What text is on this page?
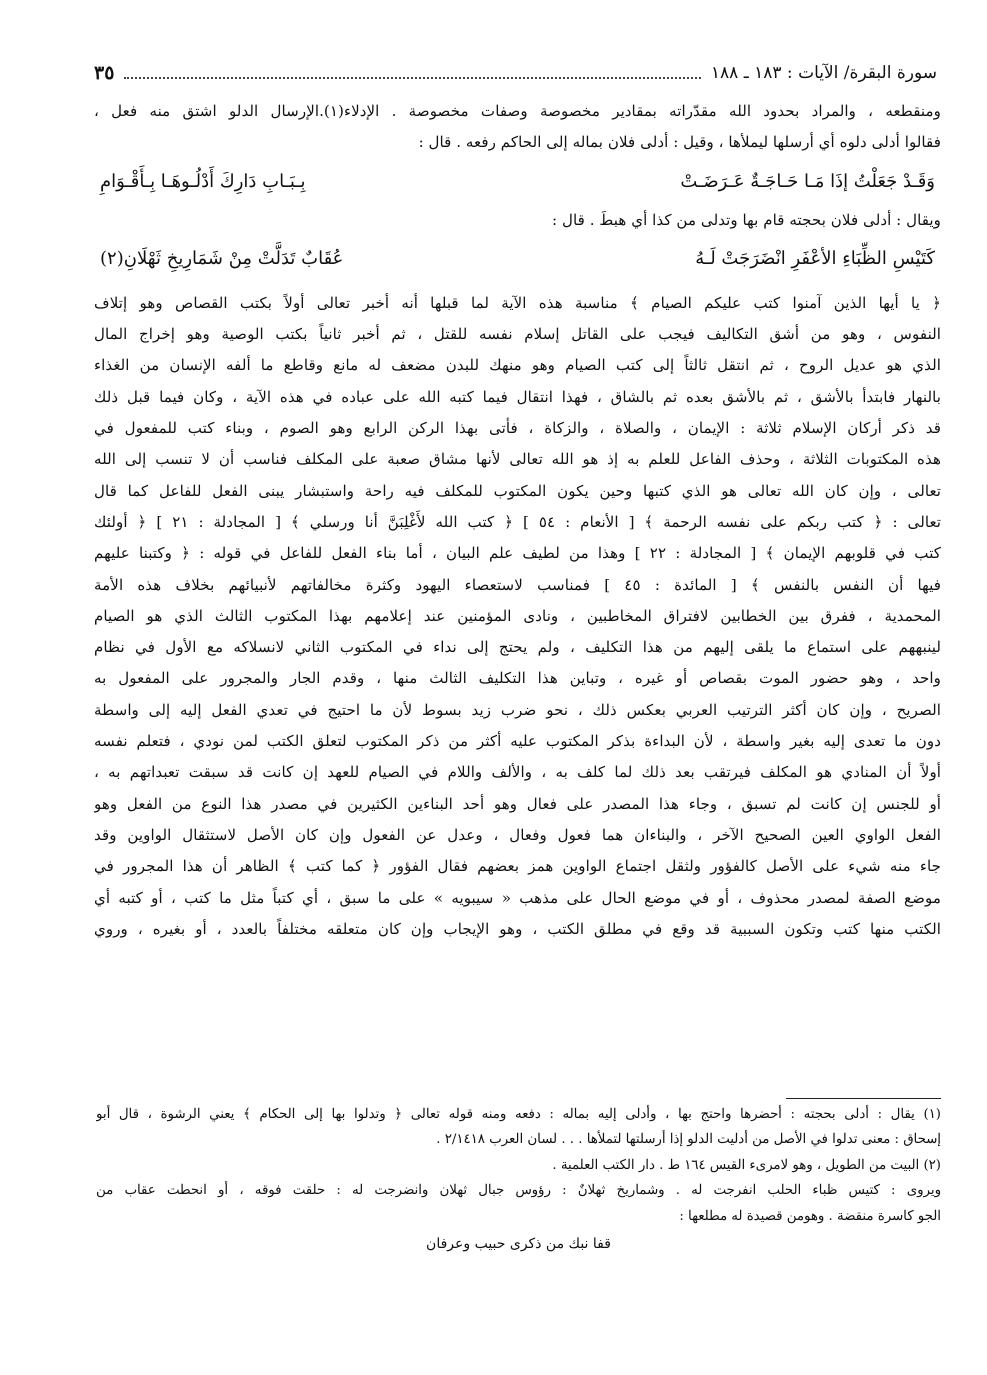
سورة البقرة/ الآيات : ١٨٣ ـ ١٨٨
٣٥
ومنقطعه ، والمراد بحدود الله مقدّراته بمقادير مخصوصة وصفات مخصوصة . الإدلاء(١).الإرسال الدلو اشتق منه فعل ،
فقالوا أدلى دلوه أي أرسلها ليملأها ، وقيل : أدلى فلان بماله إلى الحاكم رفعه . قال :
وَقَـدْ جَعَلْتُ إذَا مَـا حَـاجَـةٌ عَـرَضَـتْ
بِـبَـابِ دَارِكَ أَدْلُـوهَـا بِـأَقْـوَامِ
ويقال : أدلى فلان بحجته قام بها وتدلى من كذا أي هبطَ . قال :
كَتَيْسِ الظِّبَاءِ الأعْفَرِ انْضَرَجَتْ لَـهُ
عُقَابٌ تَدَلَّتْ مِنْ شَمَارِيخِ ثَهْلَانِ(٢)
﴿ يا أيها الذين آمنوا كتب عليكم الصيام ﴾ مناسبة هذه الآية لما قبلها أنه أخبر تعالى أولاً بكتب القصاص وهو إتلاف
النفوس ، وهو من أشق التكاليف فيجب على القاتل إسلام نفسه للقتل ، ثم أخبر ثانياً بكتب الوصية وهو إخراج المال
الذي هو عديل الروح ، ثم انتقل ثالثاً إلى كتب الصيام وهو منهك للبدن مضعف له مانع وقاطع ما ألفه الإنسان من الغذاء
بالنهار فابتدأ بالأشق ، ثم بالأشق بعده ثم بالشاق ، فهذا انتقال فيما كتبه الله على عباده في هذه الآية ، وكان فيما قبل ذلك
قد ذكر أركان الإسلام ثلاثة : الإيمان ، والصلاة ، والزكاة ، فأتى بهذا الركن الرابع وهو الصوم ، وبناء كتب للمفعول في
هذه المكتوبات الثلاثة ، وحذف الفاعل للعلم به إذ هو الله تعالى لأنها مشاق صعبة على المكلف فناسب أن لا تنسب إلى الله
تعالى ، وإن كان الله تعالى هو الذي كتبها وحين يكون المكتوب للمكلف فيه راحة واستبشار يبنى الفعل للفاعل كما قال
تعالى : ﴿ كتب ربكم على نفسه الرحمة ﴾ [ الأنعام : ٥٤ ] ﴿ كتب الله لأَغْلِبَنَّ أنا ورسلي ﴾ [ المجادلة : ٢١ ] ﴿ أولئك
كتب في قلوبهم الإيمان ﴾ [ المجادلة : ٢٢ ] وهذا من لطيف علم البيان ، أما بناء الفعل للفاعل في قوله : ﴿ وكتبنا عليهم
فيها أن النفس بالنفس ﴾ [ المائدة : ٤٥ ] فمناسب لاستعصاء اليهود وكثرة مخالفاتهم لأنبيائهم بخلاف هذه الأمة
المحمدية ، ففرق بين الخطابين لافتراق المخاطبين ، ونادى المؤمنين عند إعلامهم بهذا المكتوب الثالث الذي هو الصيام
لينبههم على استماع ما يلقى إليهم من هذا التكليف ، ولم يحتج إلى نداء في المكتوب الثاني لانسلاكه مع الأول في نظام
واحد ، وهو حضور الموت بقصاص أو غيره ، وتباين هذا التكليف الثالث منها ، وقدم الجار والمجرور على المفعول به
الصريح ، وإن كان أكثر الترتيب العربي بعكس ذلك ، نحو ضرب زيد بسوط لأن ما احتيج في تعدي الفعل إليه إلى واسطة
دون ما تعدى إليه بغير واسطة ، لأن البداءة بذكر المكتوب عليه أكثر من ذكر المكتوب لتعلق الكتب لمن نودي ، فتعلم نفسه
أولاً أن المنادي هو المكلف فيرتقب بعد ذلك لما كلف به ، والألف واللام في الصيام للعهد إن كانت قد سبقت تعبداتهم به ،
أو للجنس إن كانت لم تسبق ، وجاء هذا المصدر على فعال وهو أحد البناءين الكثيرين في مصدر هذا النوع من الفعل وهو
الفعل الواوي العين الصحيح الآخر ، والبناءان هما فعول وفعال ، وعدل عن الفعول وإن كان الأصل لاستثقال الواوين وقد
جاء منه شيء على الأصل كالفؤور ولثقل اجتماع الواوين همز بعضهم فقال الفؤور ﴿ كما كتب ﴾ الظاهر أن هذا المجرور في
موضع الصفة لمصدر محذوف ، أو في موضع الحال على مذهب « سيبويه » على ما سبق ، أي كتباً مثل ما كتب ، أو كتبه أي
الكتب منها كتب وتكون السببية قد وقع في مطلق الكتب ، وهو الإيجاب وإن كان متعلقه مختلفاً بالعدد ، أو بغيره ، وروي
(١) يقال : أدلى بحجته : أحضرها واحتج بها ، وأدلى إليه بماله : دفعه ومنه قوله تعالى ﴿ وتدلوا بها إلى الحكام ﴾ يعني الرشوة ، قال أبو
إسحاق : معنى تدلوا في الأصل من أدليت الدلو إذا أرسلتها لتملأها . . . لسان العرب ٢/١٤١٨ .
(٢) البيت من الطويل ، وهو لامرىء القيس ١٦٤ ط . دار الكتب العلمية .
ويروى : كتيس ظباء الحلب انفرجت له . وشماريخ ثهلانٌ : رؤوس جبال ثهلان وانضرجت له : حلقت فوقه ، أو انحطت عقاب من
الجو كاسرة منقضة . وهومن قصيدة له مطلعها :
قفا نبك من ذكرى حبيب وعرفان
